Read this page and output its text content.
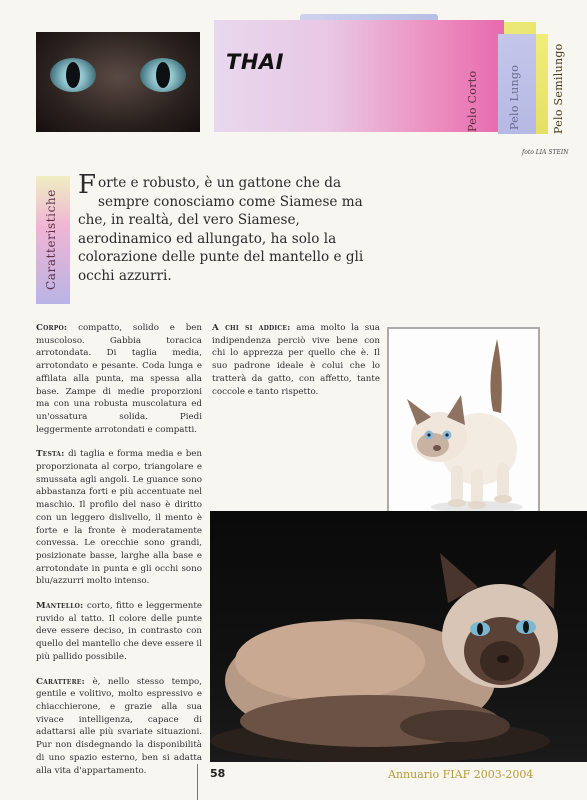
THAI
Pelo Corto	Pelo Lungo	Pelo Semilungo
foto LIA STEIN
Caratteristiche
Forte e robusto, è un gattone che da sempre conosciamo come Siamese ma che, in realtà, del vero Siamese, aerodinamico ed allungato, ha solo la colorazione delle punte del mantello e gli occhi azzurri.

Corpo: compatto, solido e ben muscoloso. Gabbia toracica arrotondata. Di taglia media, arrotondato e pesante. Coda lunga e affilata alla punta, ma spessa alla base. Zampe di medie proporzioni ma con una robusta muscolatura ed un'ossatura solida. Piedi leggermente arrotondati e compatti.

Testa: di taglia e forma media e ben proporzionata al corpo, triangolare e smussata agli angoli. Le guance sono abbastanza forti e più accentuate nel maschio. Il profilo del naso è diritto con un leggero dislivello, il mento è forte e la fronte è moderatamente convessa. Le orecchie sono grandi, posizionate basse, larghe alla base e arrotondate in punta e gli occhi sono blu/azzurri molto intenso.

Mantello: corto, fitto e leggermente ruvido al tatto. Il colore delle punte deve essere deciso, in contrasto con quello del mantello che deve essere il più pallido possibile.

Carattere: è, nello stesso tempo, gentile e volitivo, molto espressivo e chiacchierone, e grazie alla sua vivace intelligenza, capace di adattarsi alle più svariate situazioni. Pur non disdegnando la disponibilità di uno spazio esterno, ben si adatta alla vita d'appartamento.

A chi si addice: ama molto la sua indipendenza perciò vive bene con chi lo apprezza per quello che è. Il suo padrone ideale è colui che lo tratterà da gatto, con affetto, tante coccole e tanto rispetto.

58	Annuario FIAF 2003-2004
